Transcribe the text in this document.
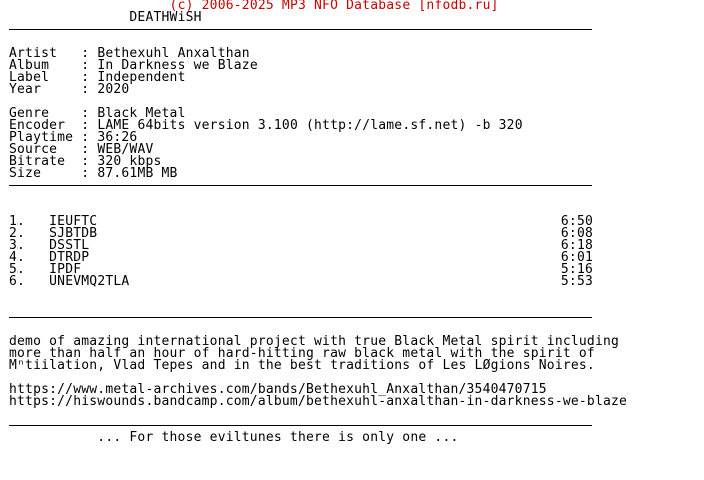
(c) 2006-2025 MP3 NFO Database [nfodb.ru]
DEATHWiSH

Artist   : Bethexuhl Anxalthan
Album    : In Darkness we Blaze
Label    : Independent
Year     : 2020

Genre    : Black Metal
Encoder  : LAME 64bits version 3.100 (http://lame.sf.net) -b 320
Playtime : 36:26
Source   : WEB/WAV
Bitrate  : 320 kbps
Size     : 87.61MB MB

1. IEUFTC	6:50
2. SJBTDB	6:08
3. DSSTL	6:18
4. DTRDP	6:01
5. IPDF	5:16
6. UNEVMQ2TLA	5:53

demo of amazing international project with true Black Metal spirit including
more than half an hour of hard-hitting raw black metal with the spirit of
Mⁿtiilation, Vlad Tepes and in the best traditions of Les LØgions Noires.

https://www.metal-archives.com/bands/Bethexuhl_Anxalthan/3540470715
https://hiswounds.bandcamp.com/album/bethexuhl-anxalthan-in-darkness-we-blaze

... For those eviltunes there is only one ...
